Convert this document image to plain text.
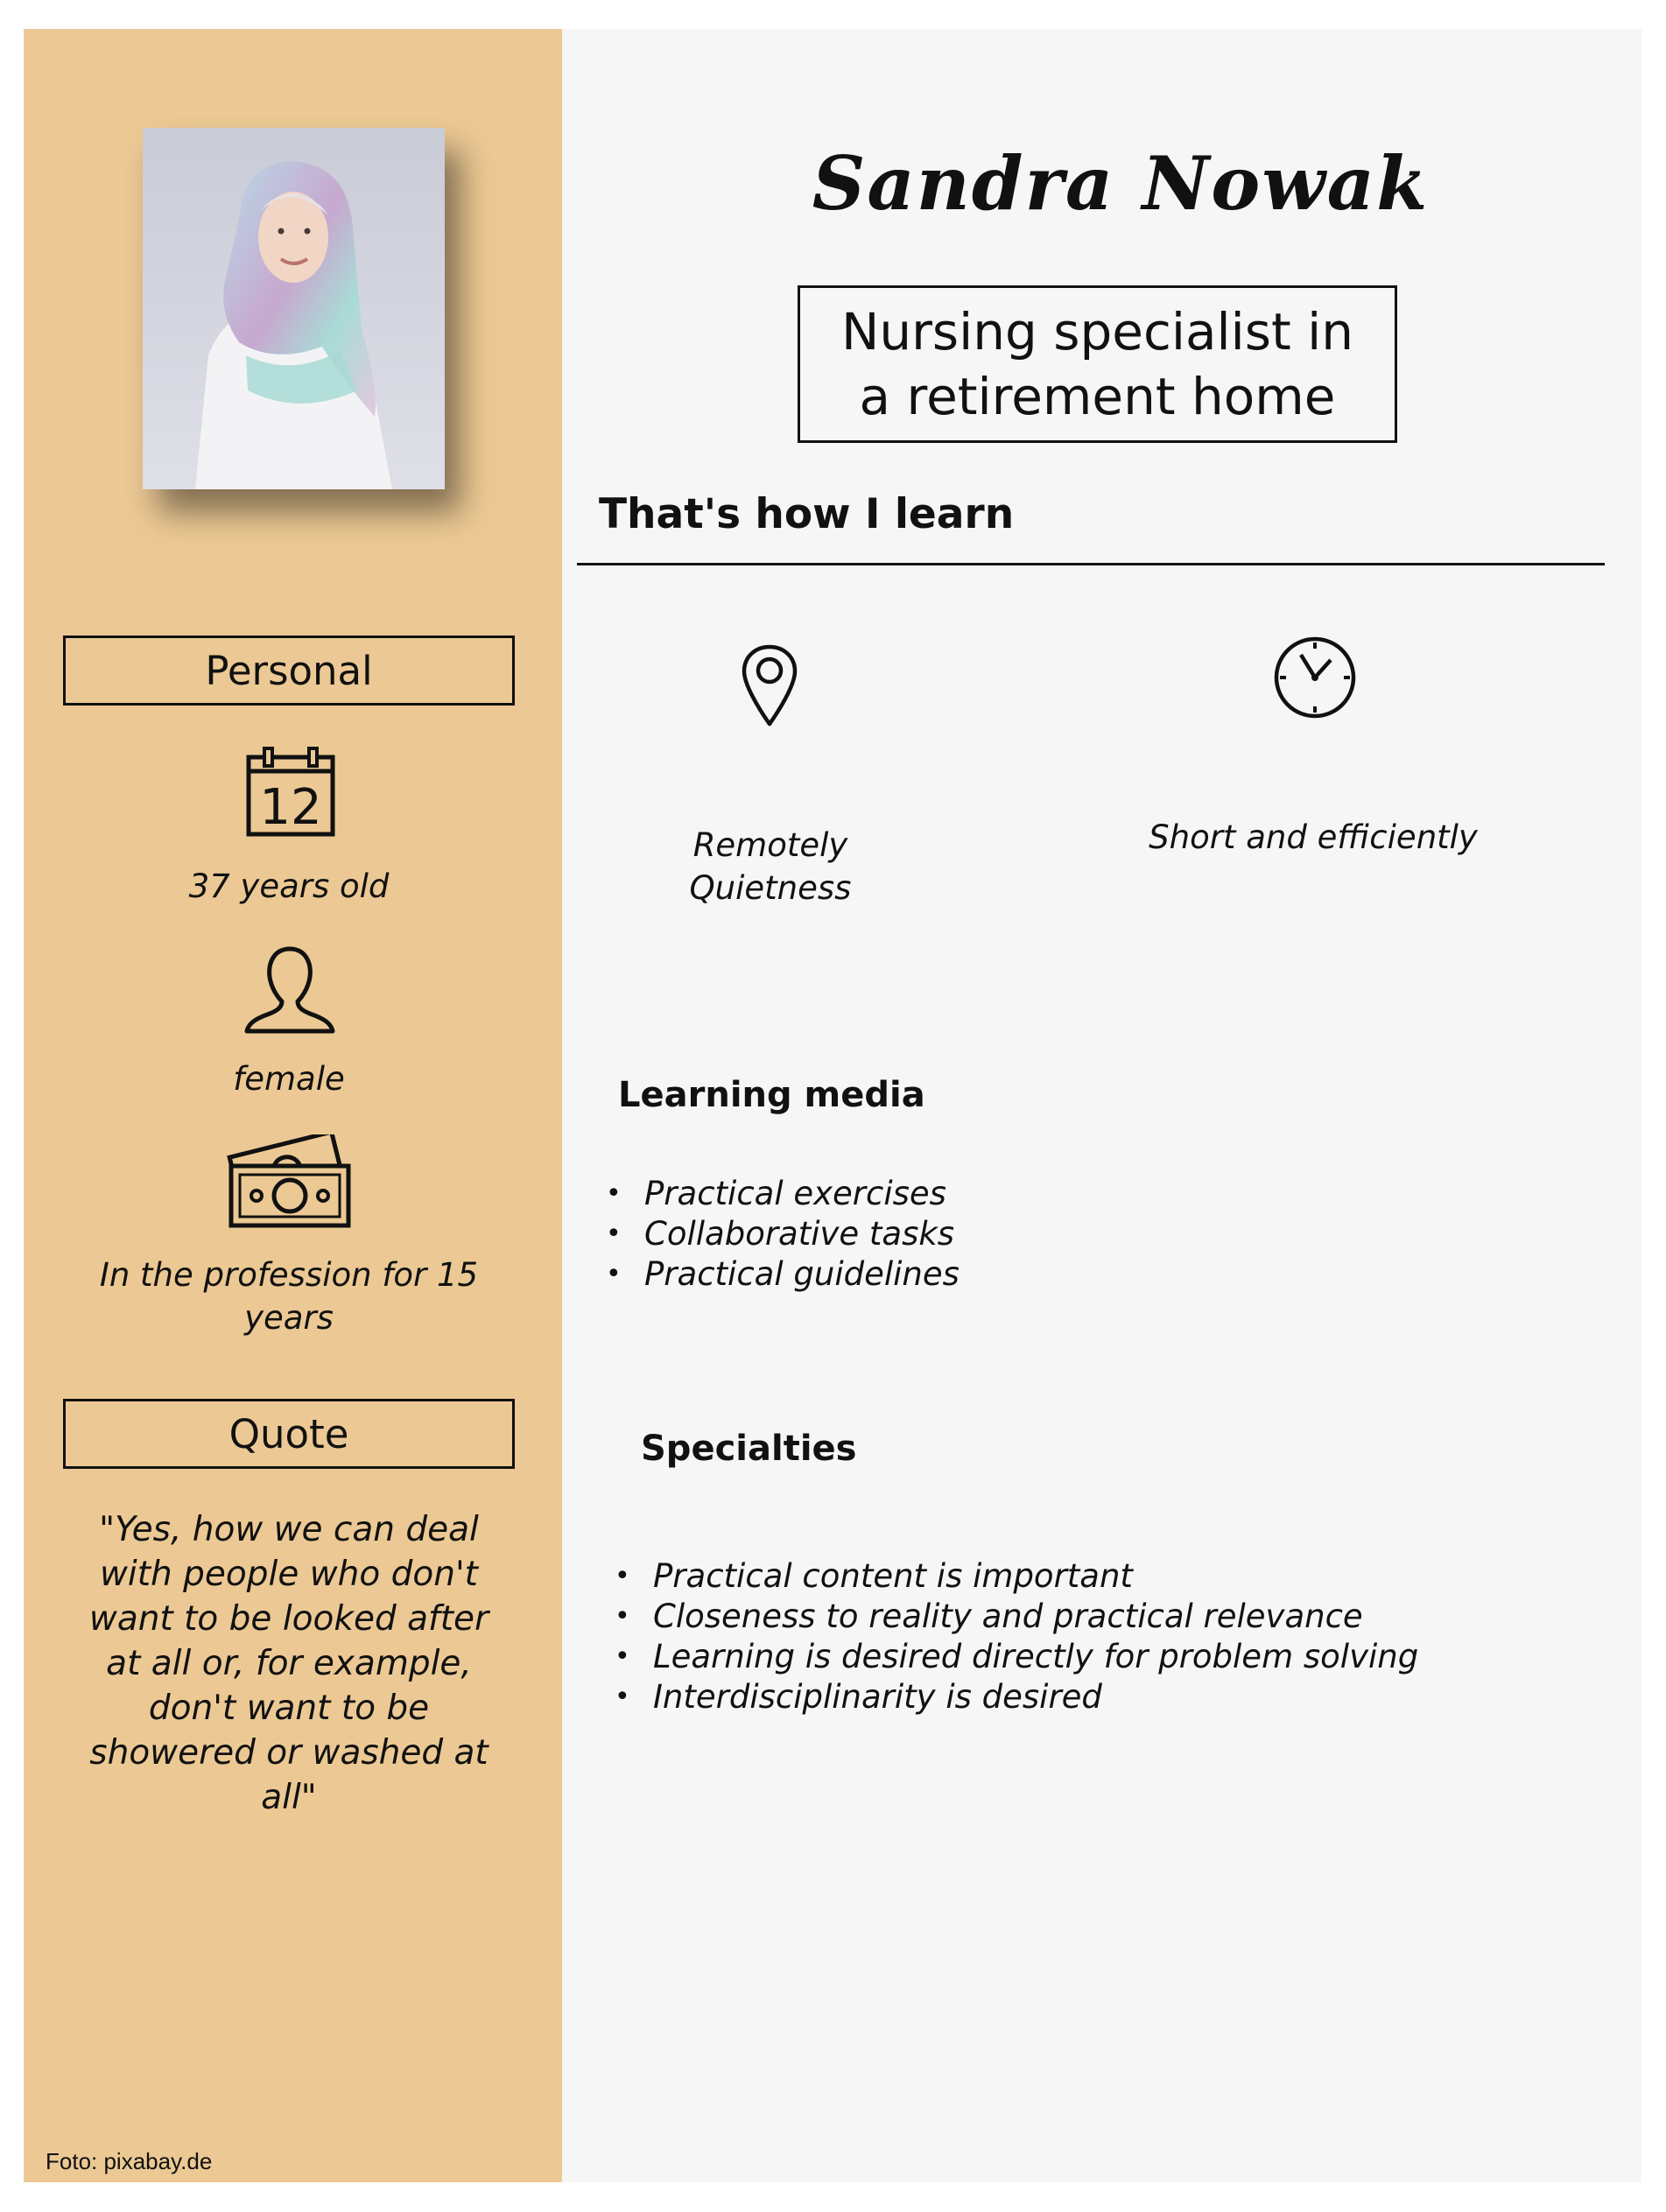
Personal
12
37 years old
female
In the profession for 15 years
Quote
"Yes, how we can deal with people who don't want to be looked after at all or, for example, don't want to be showered or washed at all"
Foto: pixabay.de
Sandra Nowak
Nursing specialist in a retirement home
That's how I learn
Remotely
Quietness
Short and efficiently
Learning media
• Practical exercises
• Collaborative tasks
• Practical guidelines
Specialties
• Practical content is important
• Closeness to reality and practical relevance
• Learning is desired directly for problem solving
• Interdisciplinarity is desired
